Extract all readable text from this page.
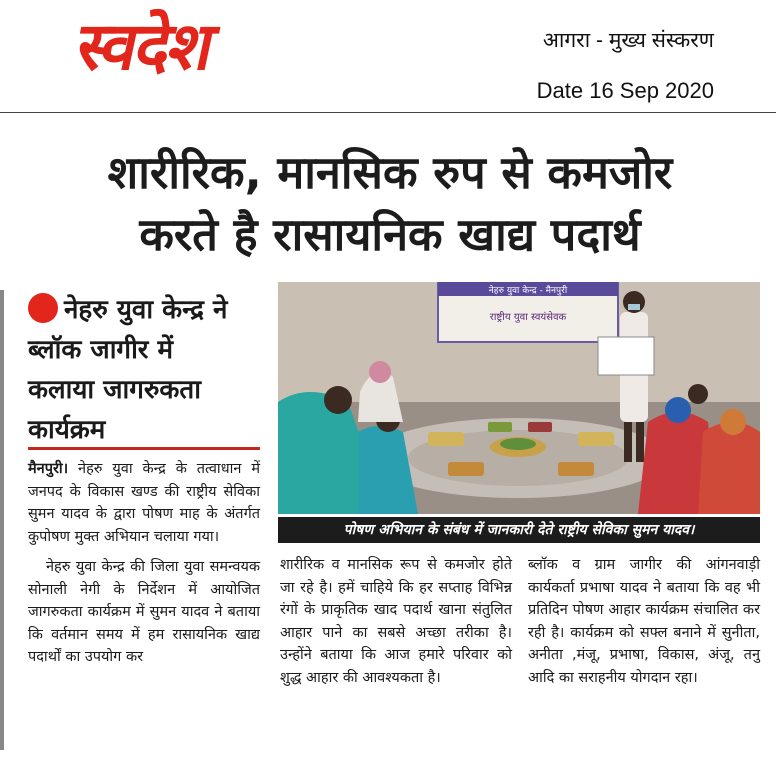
स्वदेश	आगरा - मुख्य संस्करण
Date 16 Sep 2020
शारीरिक, मानसिक रुप से कमजोर
करते है रासायनिक खाद्य पदार्थ
नेहरु युवा केन्द्र ने
ब्लॉक जागीर में
कलाया जागरुकता
कार्यक्रम

मैनपुरी। नेहरु युवा केन्द्र के तत्वाधान में जनपद के विकास खण्ड की राष्ट्रीय सेविका सुमन यादव के द्वारा पोषण माह के अंतर्गत कुपोषण मुक्त अभियान चलाया गया।

नेहरु युवा केन्द्र की जिला युवा समन्वयक सोनाली नेगी के निर्देशन में आयोजित जागरुकता कार्यक्रम में सुमन यादव ने बताया कि वर्तमान समय में हम रासायनिक खाद्य पदार्थों का उपयोग कर

नेहरु युवा केन्द्र - मैनपुरी
राष्ट्रीय युवा स्वयंसेवक
पोषण अभियान के संबंध में जानकारी देते राष्ट्रीय सेविका सुमन यादव।

शारीरिक व मानसिक रूप से कमजोर होते जा रहे है। हमें चाहिये कि हर सप्ताह विभिन्न रंगों के प्राकृतिक खाद पदार्थ खाना संतुलित आहार पाने का सबसे अच्छा तरीका है। उन्होंने बताया कि आज हमारे परिवार को शुद्ध आहार की आवश्यकता है।

ब्लॉक व ग्राम जागीर की आंगनवाड़ी कार्यकर्ता प्रभाषा यादव ने बताया कि वह भी प्रतिदिन पोषण आहार कार्यक्रम संचालित कर रही है। कार्यक्रम को सफ्ल बनाने में सुनीता, अनीता ,मंजू, प्रभाषा, विकास, अंजू, तनु आदि का सराहनीय योगदान रहा।
